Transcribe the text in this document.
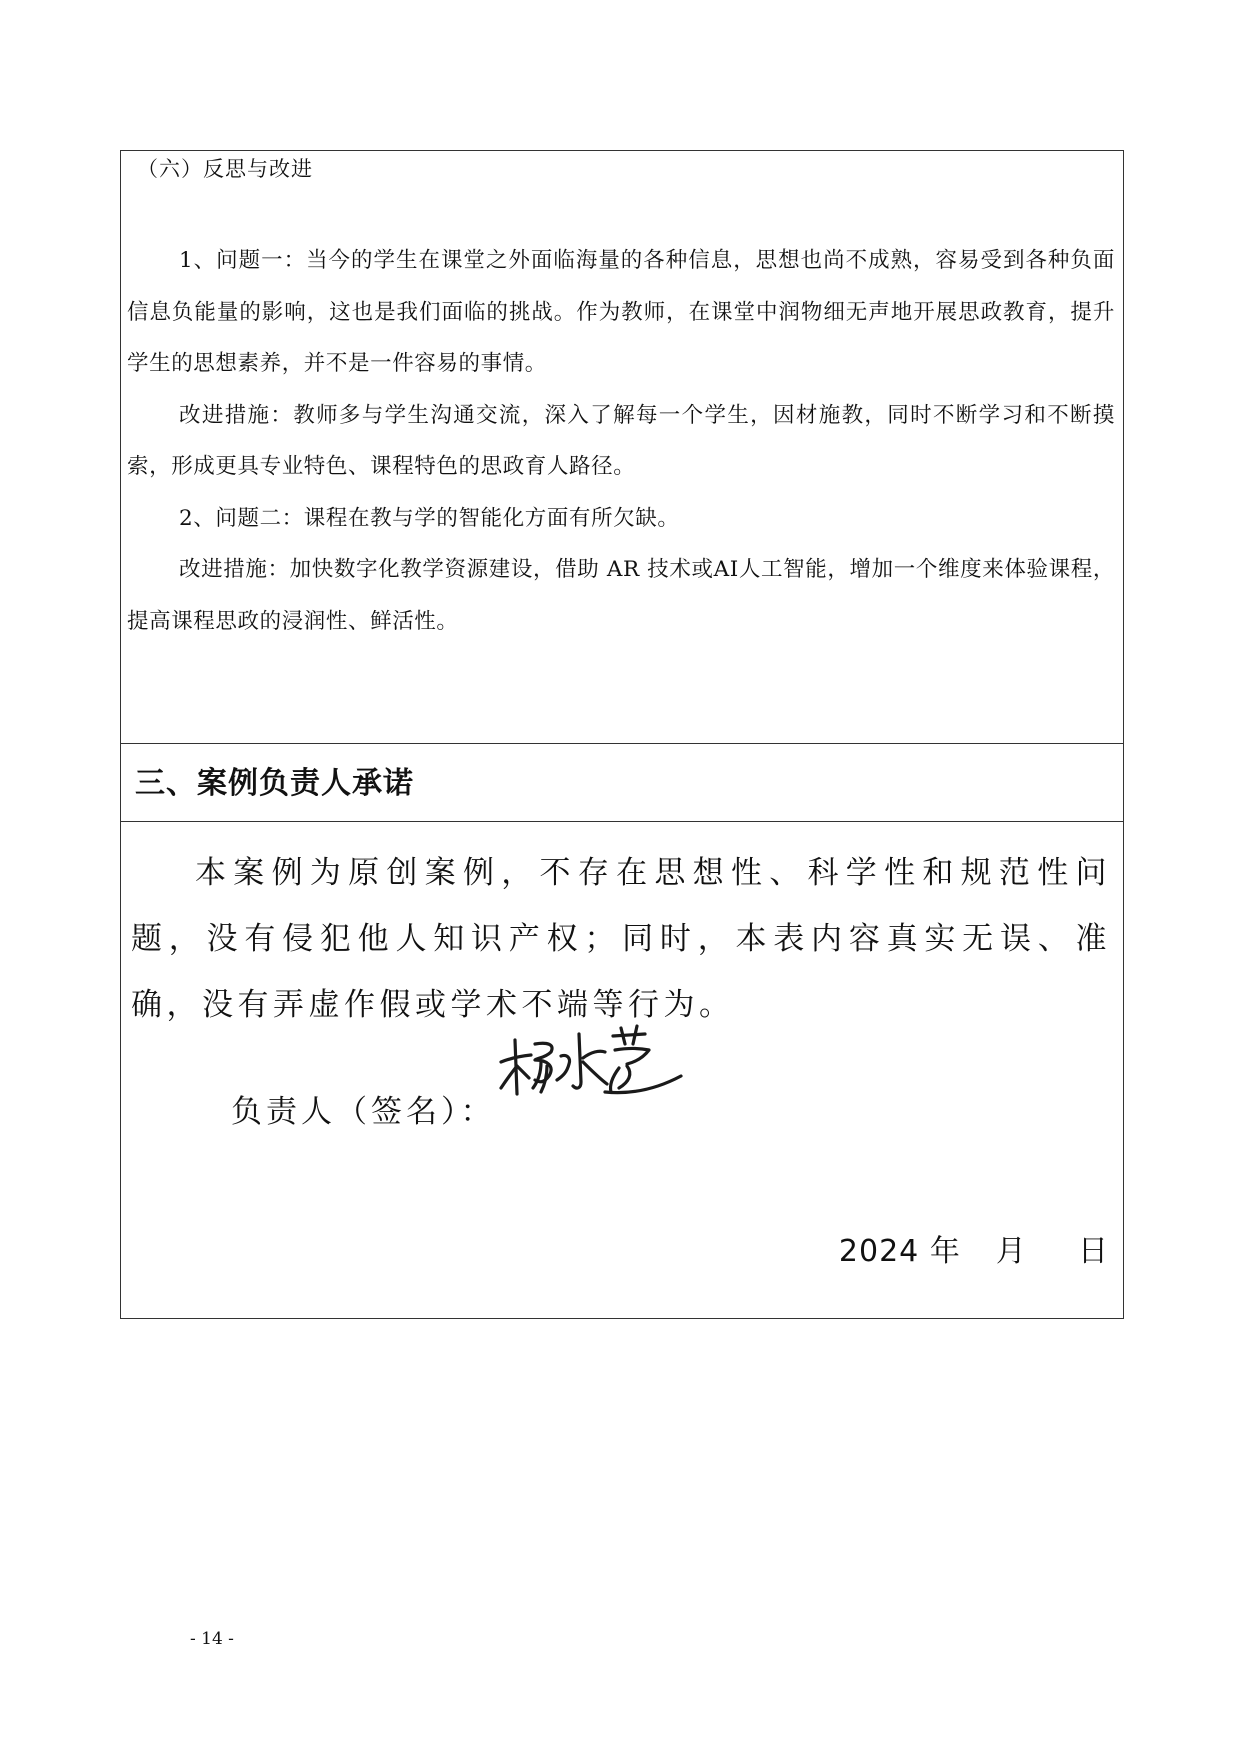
（六）反思与改进

1、问题一：当今的学生在课堂之外面临海量的各种信息，思想也尚不成熟，容易受到各种负面信息负能量的影响，这也是我们面临的挑战。作为教师，在课堂中润物细无声地开展思政教育，提升学生的思想素养，并不是一件容易的事情。

改进措施：教师多与学生沟通交流，深入了解每一个学生，因材施教，同时不断学习和不断摸索，形成更具专业特色、课程特色的思政育人路径。

2、问题二：课程在教与学的智能化方面有所欠缺。

改进措施：加快数字化教学资源建设，借助 AR 技术或AI人工智能，增加一个维度来体验课程，提高课程思政的浸润性、鲜活性。

三、案例负责人承诺

本案例为原创案例，不存在思想性、科学性和规范性问题，没有侵犯他人知识产权；同时，本表内容真实无误、准确，没有弄虚作假或学术不端等行为。

负责人（签名）：
2024 年 月 日
- 14 -
